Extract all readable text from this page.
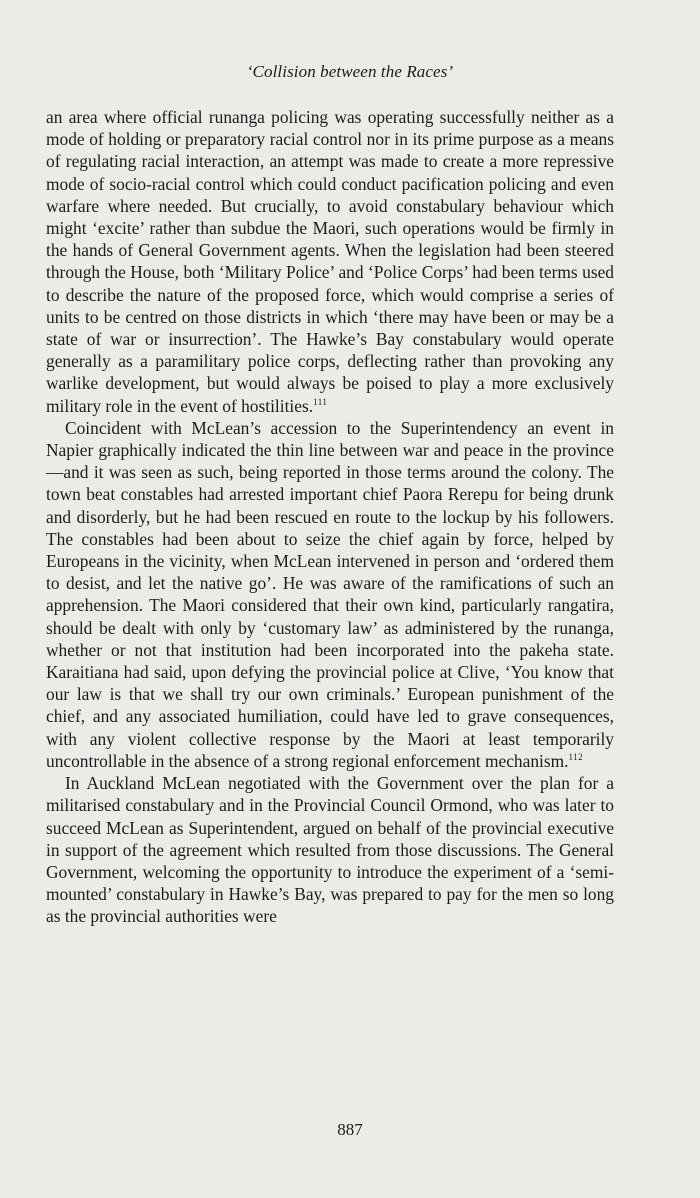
‘Collision between the Races’

an area where official runanga policing was operating successfully neither as a mode of holding or preparatory racial control nor in its prime purpose as a means of regulating racial interaction, an attempt was made to create a more repressive mode of socio-racial control which could conduct pacification policing and even warfare where needed. But crucially, to avoid constabulary behaviour which might ‘excite’ rather than subdue the Maori, such operations would be firmly in the hands of General Government agents. When the legislation had been steered through the House, both ‘Military Police’ and ‘Police Corps’ had been terms used to describe the nature of the proposed force, which would comprise a series of units to be centred on those districts in which ‘there may have been or may be a state of war or insurrection’. The Hawke’s Bay constabulary would operate generally as a paramilitary police corps, deflecting rather than provoking any warlike development, but would always be poised to play a more exclusively military role in the event of hostilities.$^{111}$

Coincident with McLean’s accession to the Superintendency an event in Napier graphically indicated the thin line between war and peace in the province—and it was seen as such, being reported in those terms around the colony. The town beat constables had arrested important chief Paora Rerepu for being drunk and disorderly, but he had been rescued en route to the lockup by his followers. The constables had been about to seize the chief again by force, helped by Europeans in the vicinity, when McLean intervened in person and ‘ordered them to desist, and let the native go’. He was aware of the ramifications of such an apprehension. The Maori considered that their own kind, particularly rangatira, should be dealt with only by ‘customary law’ as administered by the runanga, whether or not that institution had been incorporated into the pakeha state. Karaitiana had said, upon defying the provincial police at Clive, ‘You know that our law is that we shall try our own criminals.’ European punishment of the chief, and any associated humiliation, could have led to grave consequences, with any violent collective response by the Maori at least temporarily uncontrollable in the absence of a strong regional enforcement mechanism.$^{112}$

In Auckland McLean negotiated with the Government over the plan for a militarised constabulary and in the Provincial Council Ormond, who was later to succeed McLean as Superintendent, argued on behalf of the provincial executive in support of the agreement which resulted from those discussions. The General Government, welcoming the opportunity to introduce the experiment of a ‘semi-mounted’ constabulary in Hawke’s Bay, was prepared to pay for the men so long as the provincial authorities were

887
